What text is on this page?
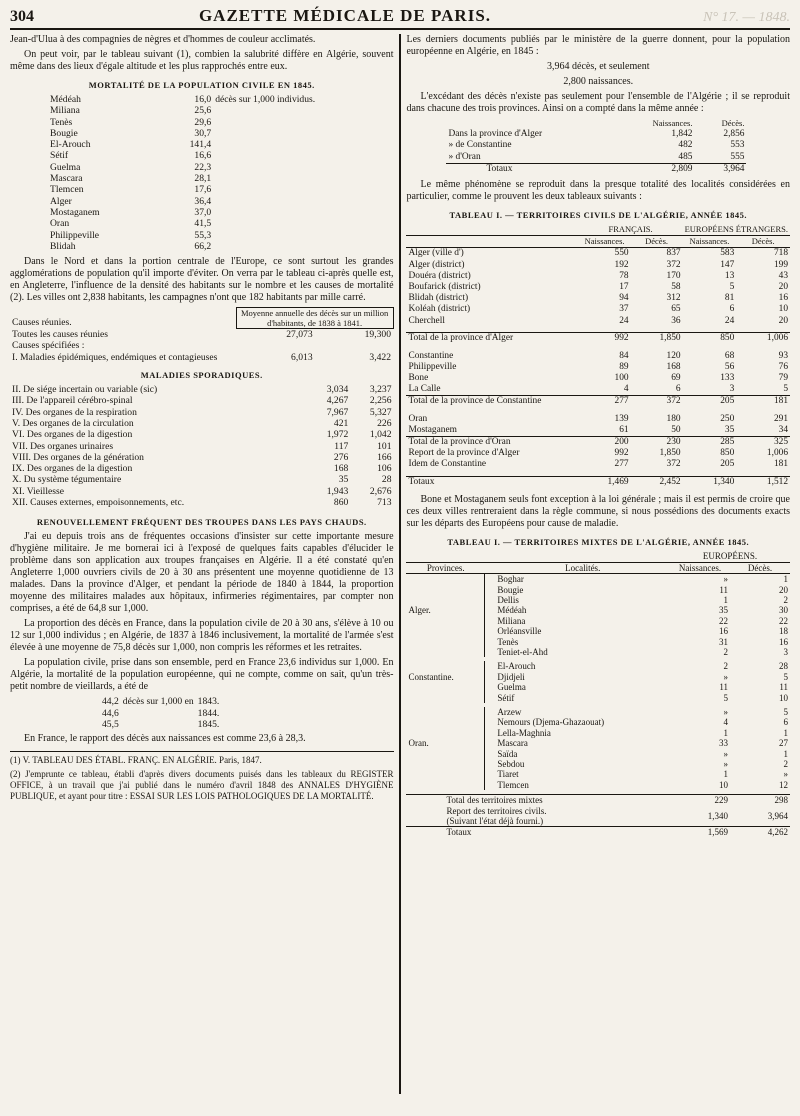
304	GAZETTE MÉDICALE DE PARIS.	N° 17. — 1848.

Jean-d'Ulua à des compagnies de nègres et d'hommes de couleur acclimatés.

On peut voir, par le tableau suivant (1), combien la salubrité diffère en Algérie, souvent même dans des lieux d'égale altitude et les plus rapprochés entre eux.

MORTALITÉ DE LA POPULATION CIVILE EN 1845.
Médéah	16,0	décès sur 1,000 individus.
Miliana	25,6	
Tenès	29,6	
Bougie	30,7	
El-Arouch	141,4	
Sétif	16,6	
Guelma	22,3	
Mascara	28,1	
Tlemcen	17,6	
Alger	36,4	
Mostaganem	37,0	
Oran	41,5	
Philippeville	55,3	
Blidah	66,2	

Dans le Nord et dans la portion centrale de l'Europe, ce sont surtout les grandes agglomérations de population qu'il importe d'éviter. On verra par le tableau ci-après quelle est, en Angleterre, l'influence de la densité des habitants sur le nombre et les causes de mortalité (2). Les villes ont 2,838 habitants, les campagnes n'ont que 182 habitants par mille carré.

Causes réunies.	Moyenne annuelle des décès sur un million d'habitants, de 1838 à 1841.	
Toutes les causes réunies	27,073	19,300
Causes spécifiées :		
I. Maladies épidémiques, endémiques et contagieuses	6,013	3,422
MALADIES SPORADIQUES.
II. De siége incertain ou variable (sic)	3,034	3,237
III. De l'appareil cérébro-spinal	4,267	2,256
IV. Des organes de la respiration	7,967	5,327
V. Des organes de la circulation	421	226
VI. Des organes de la digestion	1,972	1,042
VII. Des organes urinaires	117	101
VIII. Des organes de la génération	276	166
IX. Des organes de la digestion	168	106
X. Du système tégumentaire	35	28
XI. Vieillesse	1,943	2,676
XII. Causes externes, empoisonnements, etc.	860	713
RENOUVELLEMENT FRÉQUENT DES TROUPES DANS LES PAYS CHAUDS.

J'ai eu depuis trois ans de fréquentes occasions d'insister sur cette importante mesure d'hygiène militaire. Je me bornerai ici à l'exposé de quelques faits capables d'élucider le problème dans son application aux troupes françaises en Algérie. Il a été constaté qu'en Angleterre 1,000 ouvriers civils de 20 à 30 ans présentent une moyenne quotidienne de 13 malades. Dans la province d'Alger, et pendant la période de 1840 à 1844, la proportion moyenne des militaires malades aux hôpitaux, infirmeries régimentaires, par compter non comprises, a été de 64,8 sur 1,000.

La proportion des décès en France, dans la population civile de 20 à 30 ans, s'élève à 10 ou 12 sur 1,000 individus ; en Algérie, de 1837 à 1846 inclusivement, la mortalité de l'armée s'est élevée à une moyenne de 75,8 décès sur 1,000, non compris les réformes et les retraites.

La population civile, prise dans son ensemble, perd en France 23,6 individus sur 1,000. En Algérie, la mortalité de la population européenne, qui ne compte, comme on sait, qu'un très-petit nombre de vieillards, a été de

44,2	décès sur 1,000 en	1843.
44,6		1844.
45,5		1845.

En France, le rapport des décès aux naissances est comme 23,6 à 28,3.

(1) V. TABLEAU DES ÉTABL. FRANÇ. EN ALGÉRIE. Paris, 1847.

(2) J'emprunte ce tableau, établi d'après divers documents puisés dans les tableaux du REGISTER OFFICE, à un travail que j'ai publié dans le numéro d'avril 1848 des ANNALES D'HYGIÈNE PUBLIQUE, et ayant pour titre : ESSAI SUR LES LOIS PATHOLOGIQUES DE LA MORTALITÉ.

Les derniers documents publiés par le ministère de la guerre donnent, pour la population européenne en Algérie, en 1845 :

3,964 décès, et seulement

2,800 naissances.

L'excédant des décès n'existe pas seulement pour l'ensemble de l'Algérie ; il se reproduit dans chacune des trois provinces. Ainsi on a compté dans la même année :

	Naissances.	Décès.
Dans la province d'Alger	1,842	2,856
» de Constantine	482	553
» d'Oran	485	555
Totaux	2,809	3,964

Le même phénomène se reproduit dans la presque totalité des localités considérées en particulier, comme le prouvent les deux tableaux suivants :

TABLEAU I. — TERRITOIRES CIVILS DE L'ALGÉRIE, ANNÉE 1845.
	FRANÇAIS.		EUROPÉENS ÉTRANGERS.	
	Naissances.	Décès.	Naissances.	Décès.
Alger (ville d')	550	837	583	718
Alger (district)	192	372	147	199
Douéra (district)	78	170	13	43
Boufarick (district)	17	58	5	20
Blidah (district)	94	312	81	16
Koléah (district)	37	65	6	10
Cherchell	24	36	24	20

Total de la province d'Alger	992	1,850	850	1,006

Constantine	84	120	68	93
Philippeville	89	168	56	76
Bone	100	69	133	79
La Calle	4	6	3	5
Total de la province de Constantine	277	372	205	181

Oran	139	180	250	291
Mostaganem	61	50	35	34
Total de la province d'Oran	200	230	285	325
Report de la province d'Alger	992	1,850	850	1,006
Idem de Constantine	277	372	205	181

Totaux	1,469	2,452	1,340	1,512

Bone et Mostaganem seuls font exception à la loi générale ; mais il est permis de croire que ces deux villes rentreraient dans la règle commune, si nous possédions des documents exacts sur les départs des Européens pour cause de maladie.

TABLEAU I. — TERRITOIRES MIXTES DE L'ALGÉRIE, ANNÉE 1845.
			EUROPÉENS.	
Provinces.		Localités.	Naissances.	Décès.
		Boghar	»	1
		Bougie	11	20
		Dellis	1	2
Alger.		Médéah	35	30
		Miliana	22	22
		Orléansville	16	18
		Tenès	31	16
		Teniet-el-Ahd	2	3

		El-Arouch	2	28
Constantine.		Djidjeli	»	5
		Guelma	11	11
		Sétif	5	10

		Arzew	»	5
		Nemours (Djema-Ghazaouat)	4	6
		Lella-Maghnia	1	1
Oran.		Mascara	33	27
		Saïda	»	1
		Sebdou	»	2
		Tiaret	1	»
		Tlemcen	10	12

Total des territoires mixtes			229	298
Report des territoires civils.
(Suivant l'état déjà fourni.)			1,340	3,964
Totaux			1,569	4,262
